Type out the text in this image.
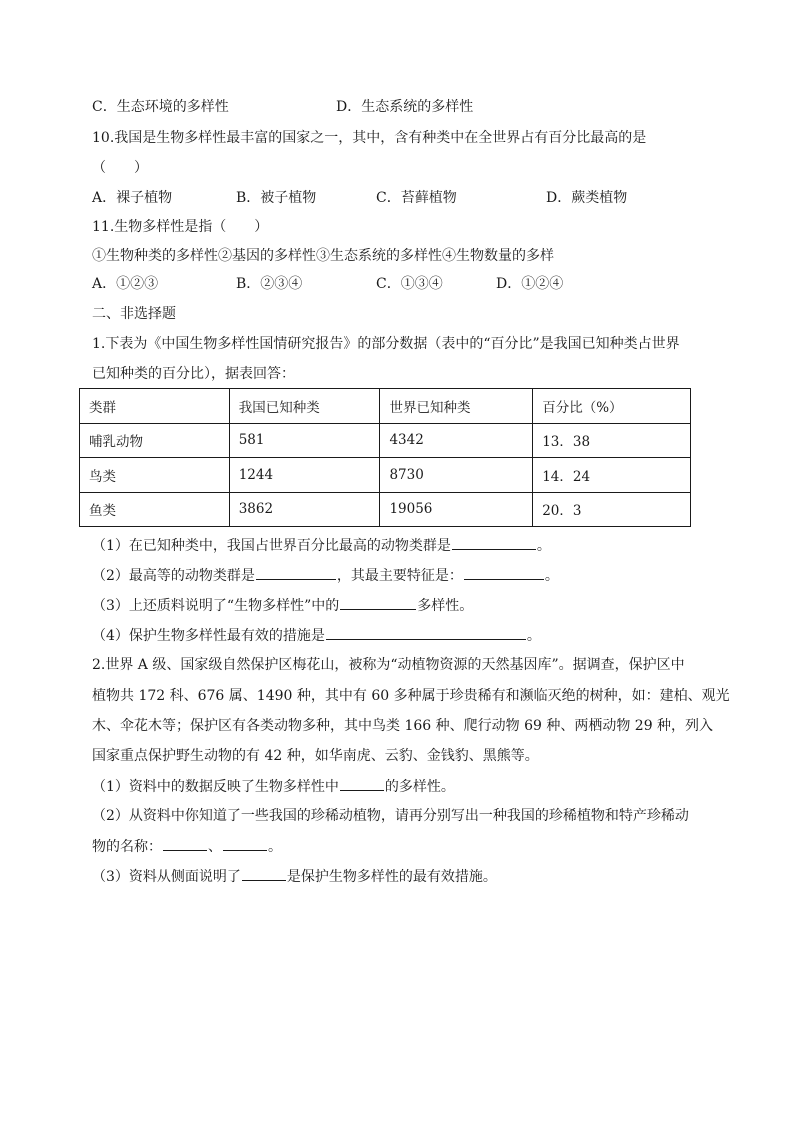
C．生态环境的多样性	D．生态系统的多样性
10.我国是生物多样性最丰富的国家之一，其中，含有种类中在全世界占有百分比最高的是
（　　）
A．裸子植物	B．被子植物	C．苔藓植物	D．蕨类植物
11.生物多样性是指（　　）
①生物种类的多样性②基因的多样性③生态系统的多样性④生物数量的多样
A．①②③	B．②③④	C．①③④	D．①②④
二、非选择题
1.下表为《中国生物多样性国情研究报告》的部分数据（表中的“百分比”是我国已知种类占世界
已知种类的百分比），据表回答：
类群	我国已知种类	世界已知种类	百分比（%）
哺乳动物	581	4342	13．38
鸟类	1244	8730	14．24
鱼类	3862	19056	20．3
（1）在已知种类中，我国占世界百分比最高的动物类群是	。
（2）最高等的动物类群是	，其最主要特征是：	。
（3）上还质料说明了“生物多样性”中的	多样性。
（4）保护生物多样性最有效的措施是	。
2.世界 A 级、国家级自然保护区梅花山，被称为“动植物资源的天然基因库”。据调查，保护区中
植物共 172 科、676 属、1490 种，其中有 60 多种属于珍贵稀有和濒临灭绝的树种，如：建柏、观光
木、伞花木等；保护区有各类动物多种，其中鸟类 166 种、爬行动物 69 种、两栖动物 29 种，列入
国家重点保护野生动物的有 42 种，如华南虎、云豹、金钱豹、黑熊等。
（1）资料中的数据反映了生物多样性中	的多样性。
（2）从资料中你知道了一些我国的珍稀动植物，请再分别写出一种我国的珍稀植物和特产珍稀动
物的名称：	、	。
（3）资料从侧面说明了	是保护生物多样性的最有效措施。
